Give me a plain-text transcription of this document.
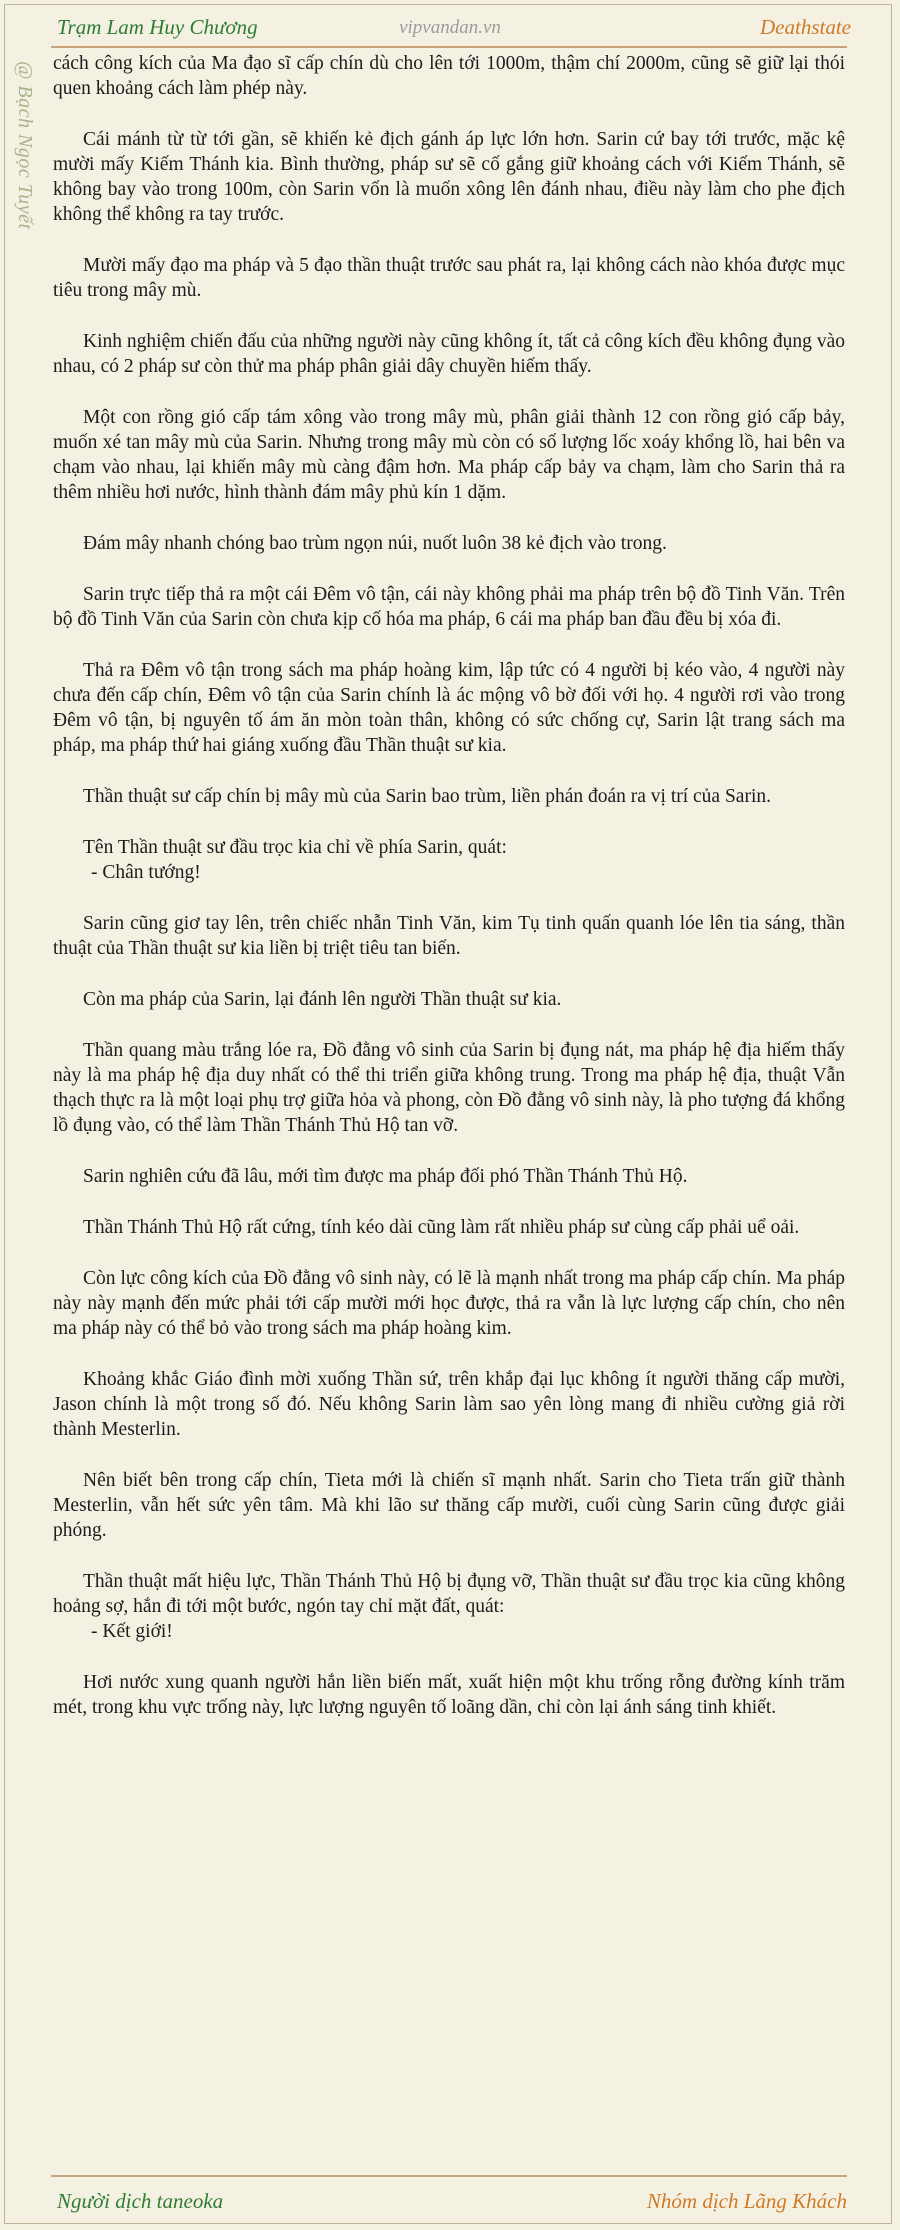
Trạm Lam Huy Chương	vipvandan.vn	Deathstate
@ Bạch Ngọc Tuyết cách công kích của Ma đạo sĩ cấp chín dù cho lên tới 1000m, thậm chí 2000m, cũng sẽ giữ lại thói quen khoảng cách làm phép này.

Cái mánh từ từ tới gần, sẽ khiến kẻ địch gánh áp lực lớn hơn. Sarin cứ bay tới trước, mặc kệ mười mấy Kiếm Thánh kia. Bình thường, pháp sư sẽ cố gắng giữ khoảng cách với Kiếm Thánh, sẽ không bay vào trong 100m, còn Sarin vốn là muốn xông lên đánh nhau, điều này làm cho phe địch không thể không ra tay trước.

Mười mấy đạo ma pháp và 5 đạo thần thuật trước sau phát ra, lại không cách nào khóa được mục tiêu trong mây mù.

Kinh nghiệm chiến đấu của những người này cũng không ít, tất cả công kích đều không đụng vào nhau, có 2 pháp sư còn thử ma pháp phân giải dây chuyền hiếm thấy.

Một con rồng gió cấp tám xông vào trong mây mù, phân giải thành 12 con rồng gió cấp bảy, muốn xé tan mây mù của Sarin. Nhưng trong mây mù còn có số lượng lốc xoáy khổng lồ, hai bên va chạm vào nhau, lại khiến mây mù càng đậm hơn. Ma pháp cấp bảy va chạm, làm cho Sarin thả ra thêm nhiều hơi nước, hình thành đám mây phủ kín 1 dặm.

Đám mây nhanh chóng bao trùm ngọn núi, nuốt luôn 38 kẻ địch vào trong.

Sarin trực tiếp thả ra một cái Đêm vô tận, cái này không phải ma pháp trên bộ đồ Tinh Văn. Trên bộ đồ Tinh Văn của Sarin còn chưa kịp cố hóa ma pháp, 6 cái ma pháp ban đầu đều bị xóa đi.

Thả ra Đêm vô tận trong sách ma pháp hoàng kim, lập tức có 4 người bị kéo vào, 4 người này chưa đến cấp chín, Đêm vô tận của Sarin chính là ác mộng vô bờ đối với họ. 4 người rơi vào trong Đêm vô tận, bị nguyên tố ám ăn mòn toàn thân, không có sức chống cự, Sarin lật trang sách ma pháp, ma pháp thứ hai giáng xuống đầu Thần thuật sư kia.

Thần thuật sư cấp chín bị mây mù của Sarin bao trùm, liền phán đoán ra vị trí của Sarin.

Tên Thần thuật sư đầu trọc kia chỉ về phía Sarin, quát:
- Chân tướng!

Sarin cũng giơ tay lên, trên chiếc nhẫn Tinh Văn, kim Tụ tinh quấn quanh lóe lên tia sáng, thần thuật của Thần thuật sư kia liền bị triệt tiêu tan biến.

Còn ma pháp của Sarin, lại đánh lên người Thần thuật sư kia.

Thần quang màu trắng lóe ra, Đồ đằng vô sinh của Sarin bị đụng nát, ma pháp hệ địa hiếm thấy này là ma pháp hệ địa duy nhất có thể thi triển giữa không trung. Trong ma pháp hệ địa, thuật Vẫn thạch thực ra là một loại phụ trợ giữa hỏa và phong, còn Đồ đằng vô sinh này, là pho tượng đá khổng lồ đụng vào, có thể làm Thần Thánh Thủ Hộ tan vỡ.

Sarin nghiên cứu đã lâu, mới tìm được ma pháp đối phó Thần Thánh Thủ Hộ.

Thần Thánh Thủ Hộ rất cứng, tính kéo dài cũng làm rất nhiều pháp sư cùng cấp phải uể oải.

Còn lực công kích của Đồ đằng vô sinh này, có lẽ là mạnh nhất trong ma pháp cấp chín. Ma pháp này này mạnh đến mức phải tới cấp mười mới học được, thả ra vẫn là lực lượng cấp chín, cho nên ma pháp này có thể bỏ vào trong sách ma pháp hoàng kim.

Khoảng khắc Giáo đình mời xuống Thần sứ, trên khắp đại lục không ít người thăng cấp mười, Jason chính là một trong số đó. Nếu không Sarin làm sao yên lòng mang đi nhiều cường giả rời thành Mesterlin.

Nên biết bên trong cấp chín, Tieta mới là chiến sĩ mạnh nhất. Sarin cho Tieta trấn giữ thành Mesterlin, vẫn hết sức yên tâm. Mà khi lão sư thăng cấp mười, cuối cùng Sarin cũng được giải phóng.

Thần thuật mất hiệu lực, Thần Thánh Thủ Hộ bị đụng vỡ, Thần thuật sư đầu trọc kia cũng không hoảng sợ, hắn đi tới một bước, ngón tay chỉ mặt đất, quát:
- Kết giới!

Hơi nước xung quanh người hắn liền biến mất, xuất hiện một khu trống rỗng đường kính trăm mét, trong khu vực trống này, lực lượng nguyên tố loãng dần, chỉ còn lại ánh sáng tinh khiết.

Người dịch taneoka	Nhóm dịch Lãng Khách
